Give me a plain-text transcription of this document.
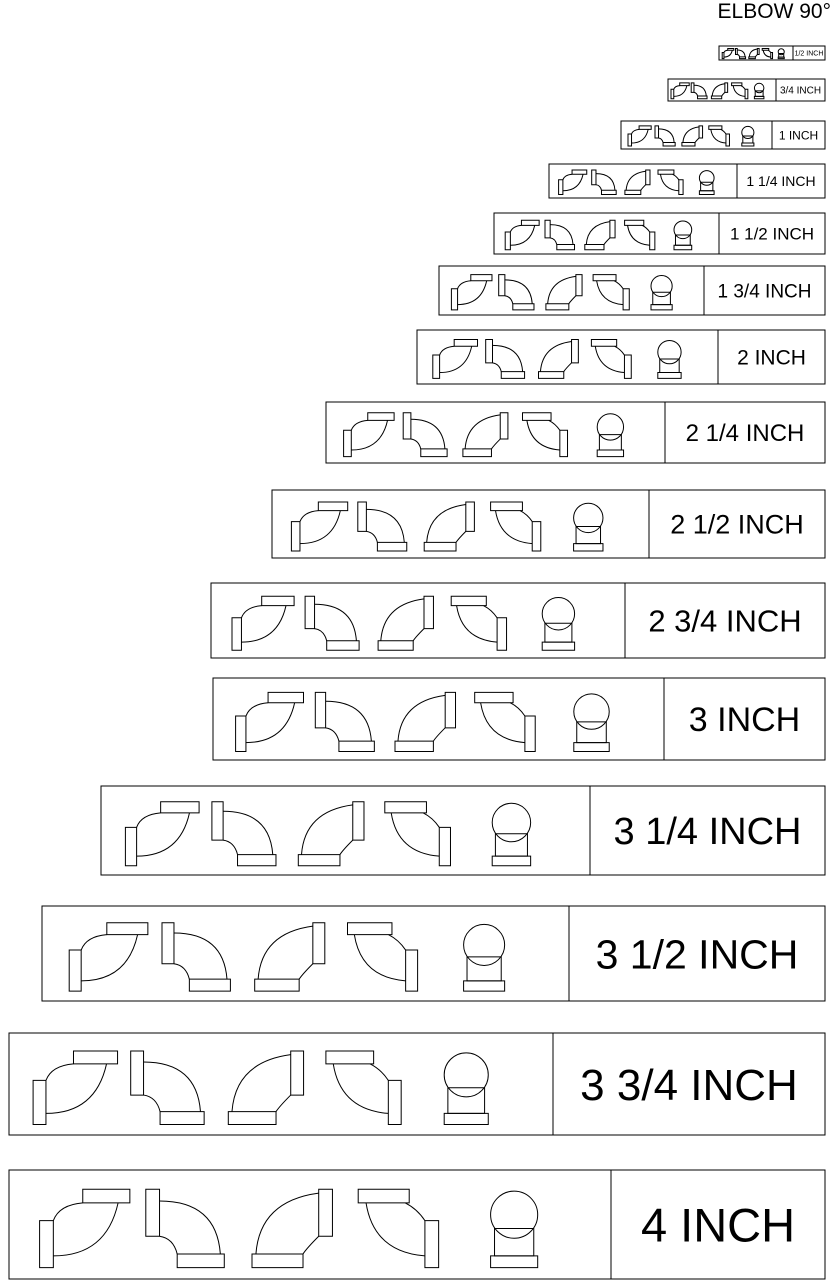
ELBOW 90°
1/2 INCH
3/4 INCH
1 INCH
1 1/4 INCH
1 1/2 INCH
1 3/4 INCH
2 INCH
2 1/4 INCH
2 1/2 INCH
2 3/4 INCH
3 INCH
3 1/4 INCH
3 1/2 INCH
3 3/4 INCH
4 INCH
